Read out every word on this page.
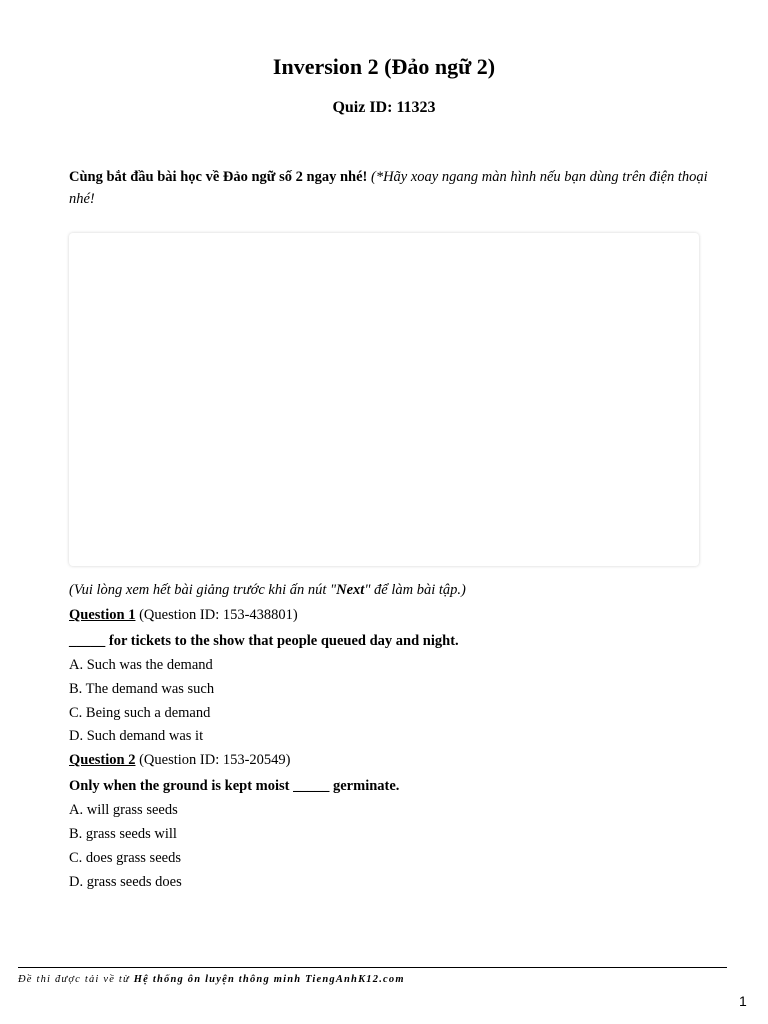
Inversion 2 (Đảo ngữ 2)
Quiz ID: 11323
Cùng bắt đầu bài học về Đảo ngữ số 2 ngay nhé! (*Hãy xoay ngang màn hình nếu bạn dùng trên điện thoại nhé!
(Vui lòng xem hết bài giảng trước khi ấn nút "Next" để làm bài tập.)
Question 1 (Question ID: 153-438801)
_____ for tickets to the show that people queued day and night.
A. Such was the demand
B. The demand was such
C. Being such a demand
D. Such demand was it
Question 2 (Question ID: 153-20549)
Only when the ground is kept moist _____ germinate.
A. will grass seeds
B. grass seeds will
C. does grass seeds
D. grass seeds does
Đề thi được tải về từ Hệ thống ôn luyện thông minh TiengAnhK12.com
1
